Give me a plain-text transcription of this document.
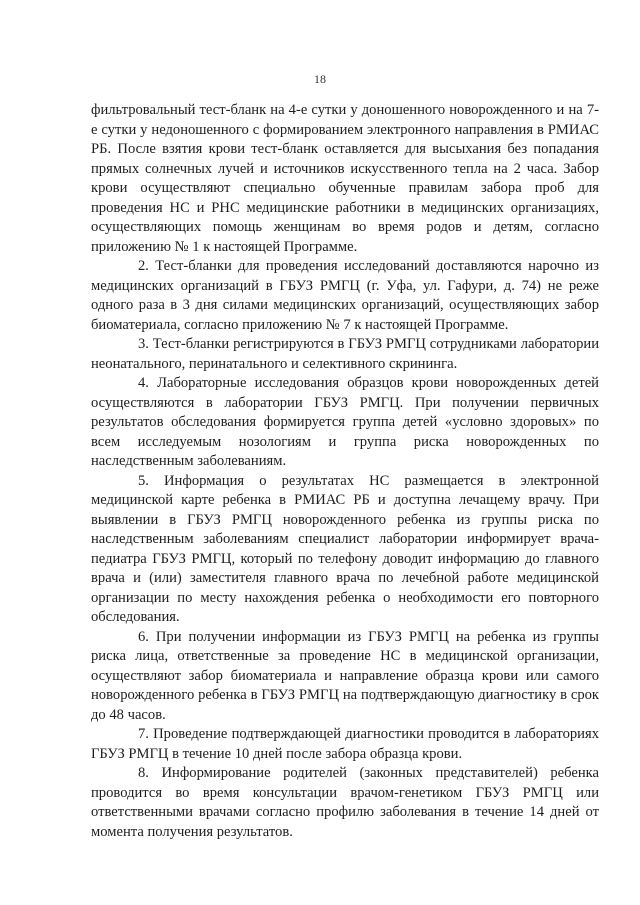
18

фильтровальный тест-бланк на 4-е сутки у доношенного новорожденного и на 7-е сутки у недоношенного с формированием электронного направления в РМИАС РБ. После взятия крови тест-бланк оставляется для высыхания без попадания прямых солнечных лучей и источников искусственного тепла на 2 часа. Забор крови осуществляют специально обученные правилам забора проб для проведения НС и РНС медицинские работники в медицинских организациях, осуществляющих помощь женщинам во время родов и детям, согласно приложению № 1 к настоящей Программе.

2. Тест-бланки для проведения исследований доставляются нарочно из медицинских организаций в ГБУЗ РМГЦ (г. Уфа, ул. Гафури, д. 74) не реже одного раза в 3 дня силами медицинских организаций, осуществляющих забор биоматериала, согласно приложению № 7 к настоящей Программе.

3. Тест-бланки регистрируются в ГБУЗ РМГЦ сотрудниками лаборатории неонатального, перинатального и селективного скрининга.

4. Лабораторные исследования образцов крови новорожденных детей осуществляются в лаборатории ГБУЗ РМГЦ. При получении первичных результатов обследования формируется группа детей «условно здоровых» по всем исследуемым нозологиям и группа риска новорожденных по наследственным заболеваниям.

5. Информация о результатах НС размещается в электронной медицинской карте ребенка в РМИАС РБ и доступна лечащему врачу. При выявлении в ГБУЗ РМГЦ новорожденного ребенка из группы риска по наследственным заболеваниям специалист лаборатории информирует врача-педиатра ГБУЗ РМГЦ, который по телефону доводит информацию до главного врача и (или) заместителя главного врача по лечебной работе медицинской организации по месту нахождения ребенка о необходимости его повторного обследования.

6. При получении информации из ГБУЗ РМГЦ на ребенка из группы риска лица, ответственные за проведение НС в медицинской организации, осуществляют забор биоматериала и направление образца крови или самого новорожденного ребенка в ГБУЗ РМГЦ на подтверждающую диагностику в срок до 48 часов.

7. Проведение подтверждающей диагностики проводится в лабораториях ГБУЗ РМГЦ в течение 10 дней после забора образца крови.

8. Информирование родителей (законных представителей) ребенка проводится во время консультации врачом-генетиком ГБУЗ РМГЦ или ответственными врачами согласно профилю заболевания в течение 14 дней от момента получения результатов.
